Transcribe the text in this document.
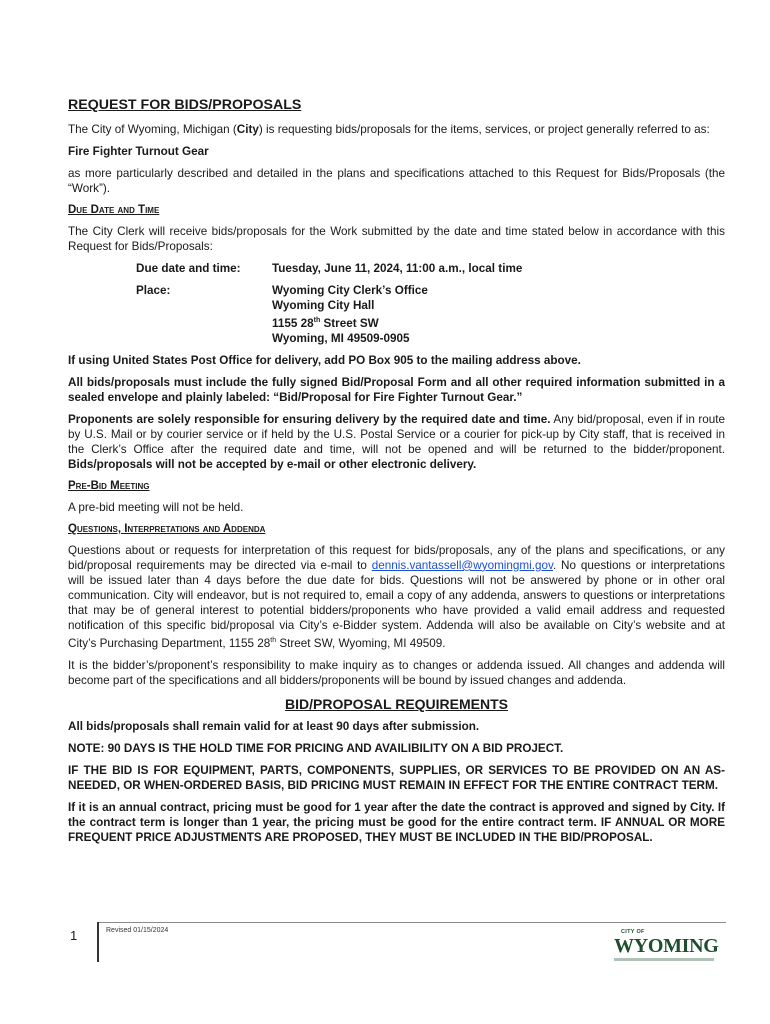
REQUEST FOR BIDS/PROPOSALS

The City of Wyoming, Michigan (City) is requesting bids/proposals for the items, services, or project generally referred to as:

Fire Fighter Turnout Gear

as more particularly described and detailed in the plans and specifications attached to this Request for Bids/Proposals (the “Work”).

Due Date and Time

The City Clerk will receive bids/proposals for the Work submitted by the date and time stated below in accordance with this Request for Bids/Proposals:

Due date and time:	Tuesday, June 11, 2024, 11:00 a.m., local time
Place:	Wyoming City Clerk’s Office
Wyoming City Hall
1155 28th Street SW
Wyoming, MI 49509-0905

If using United States Post Office for delivery, add PO Box 905 to the mailing address above.

All bids/proposals must include the fully signed Bid/Proposal Form and all other required information submitted in a sealed envelope and plainly labeled: “Bid/Proposal for Fire Fighter Turnout Gear.”

Proponents are solely responsible for ensuring delivery by the required date and time. Any bid/proposal, even if in route by U.S. Mail or by courier service or if held by the U.S. Postal Service or a courier for pick-up by City staff, that is received in the Clerk’s Office after the required date and time, will not be opened and will be returned to the bidder/proponent. Bids/proposals will not be accepted by e-mail or other electronic delivery.

Pre-Bid Meeting

A pre-bid meeting will not be held.

Questions, Interpretations and Addenda

Questions about or requests for interpretation of this request for bids/proposals, any of the plans and specifications, or any bid/proposal requirements may be directed via e-mail to dennis.vantassell@wyomingmi.gov. No questions or interpretations will be issued later than 4 days before the due date for bids. Questions will not be answered by phone or in other oral communication. City will endeavor, but is not required to, email a copy of any addenda, answers to questions or interpretations that may be of general interest to potential bidders/proponents who have provided a valid email address and requested notification of this specific bid/proposal via City’s e-Bidder system. Addenda will also be available on City’s website and at City’s Purchasing Department, 1155 28th Street SW, Wyoming, MI 49509.

It is the bidder’s/proponent’s responsibility to make inquiry as to changes or addenda issued. All changes and addenda will become part of the specifications and all bidders/proponents will be bound by issued changes and addenda.

BID/PROPOSAL REQUIREMENTS

All bids/proposals shall remain valid for at least 90 days after submission.

NOTE: 90 DAYS IS THE HOLD TIME FOR PRICING AND AVAILIBILITY ON A BID PROJECT.

IF THE BID IS FOR EQUIPMENT, PARTS, COMPONENTS, SUPPLIES, OR SERVICES TO BE PROVIDED ON AN AS-NEEDED, OR WHEN-ORDERED BASIS, BID PRICING MUST REMAIN IN EFFECT FOR THE ENTIRE CONTRACT TERM.

If it is an annual contract, pricing must be good for 1 year after the date the contract is approved and signed by City. If the contract term is longer than 1 year, the pricing must be good for the entire contract term. IF ANNUAL OR MORE FREQUENT PRICE ADJUSTMENTS ARE PROPOSED, THEY MUST BE INCLUDED IN THE BID/PROPOSAL.

1	Revised 01/15/2024	CITY OF
WYOMING
